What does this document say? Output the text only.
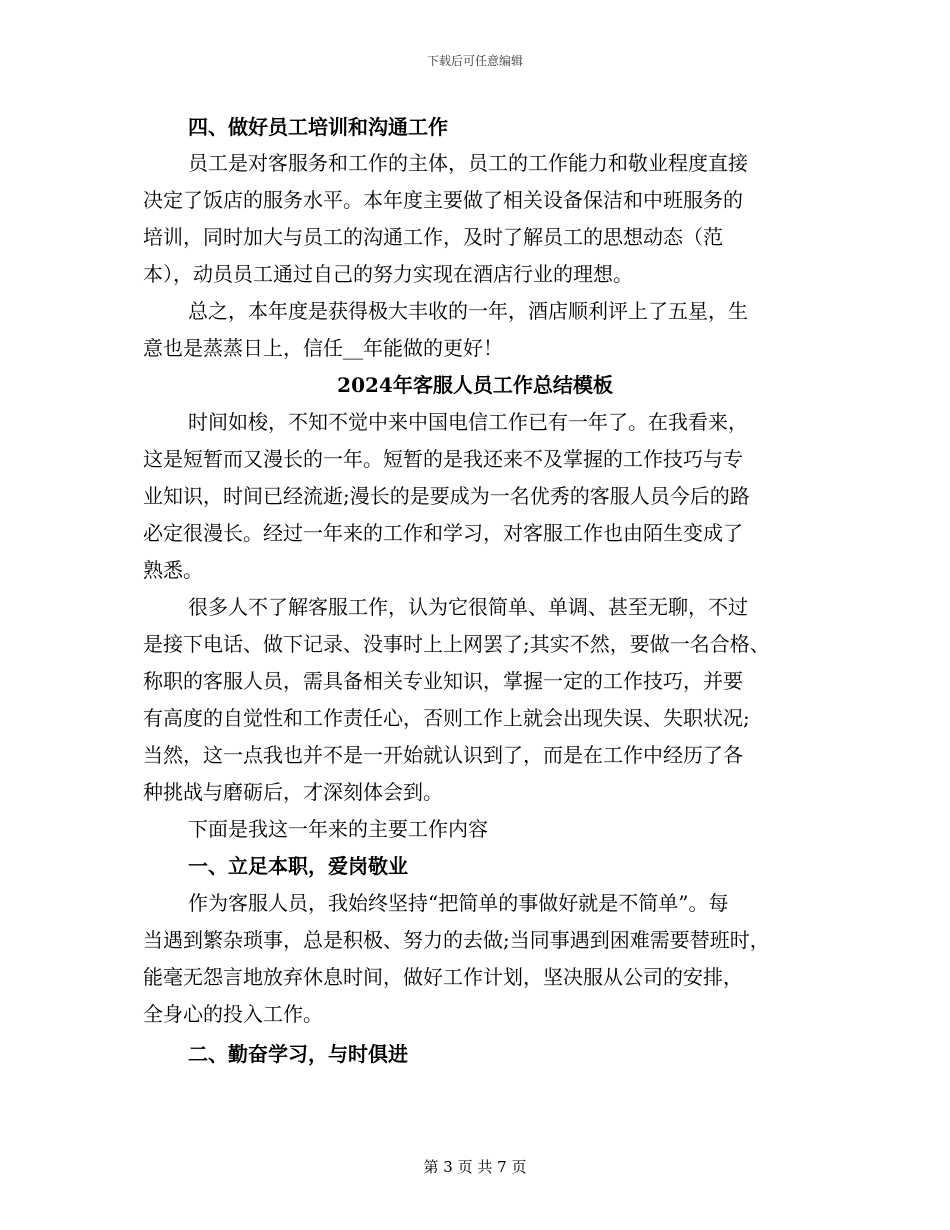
下载后可任意编辑
四、做好员工培训和沟通工作
员工是对客服务和工作的主体，员工的工作能力和敬业程度直接
决定了饭店的服务水平。本年度主要做了相关设备保洁和中班服务的
培训，同时加大与员工的沟通工作，及时了解员工的思想动态（范
本），动员员工通过自己的努力实现在酒店行业的理想。
总之，本年度是获得极大丰收的一年，酒店顺利评上了五星，生
意也是蒸蒸日上，信任__年能做的更好！
2024年客服人员工作总结模板
时间如梭，不知不觉中来中国电信工作已有一年了。在我看来，
这是短暂而又漫长的一年。短暂的是我还来不及掌握的工作技巧与专
业知识，时间已经流逝;漫长的是要成为一名优秀的客服人员今后的路
必定很漫长。经过一年来的工作和学习，对客服工作也由陌生变成了
熟悉。
很多人不了解客服工作，认为它很简单、单调、甚至无聊，不过
是接下电话、做下记录、没事时上上网罢了;其实不然，要做一名合格、
称职的客服人员，需具备相关专业知识，掌握一定的工作技巧，并要
有高度的自觉性和工作责任心，否则工作上就会出现失误、失职状况;
当然，这一点我也并不是一开始就认识到了，而是在工作中经历了各
种挑战与磨砺后，才深刻体会到。
下面是我这一年来的主要工作内容
一、立足本职，爱岗敬业
作为客服人员，我始终坚持“把简单的事做好就是不简单”。每
当遇到繁杂琐事，总是积极、努力的去做;当同事遇到困难需要替班时，
能毫无怨言地放弃休息时间，做好工作计划，坚决服从公司的安排，
全身心的投入工作。
二、勤奋学习，与时俱进
第 3 页 共 7 页
